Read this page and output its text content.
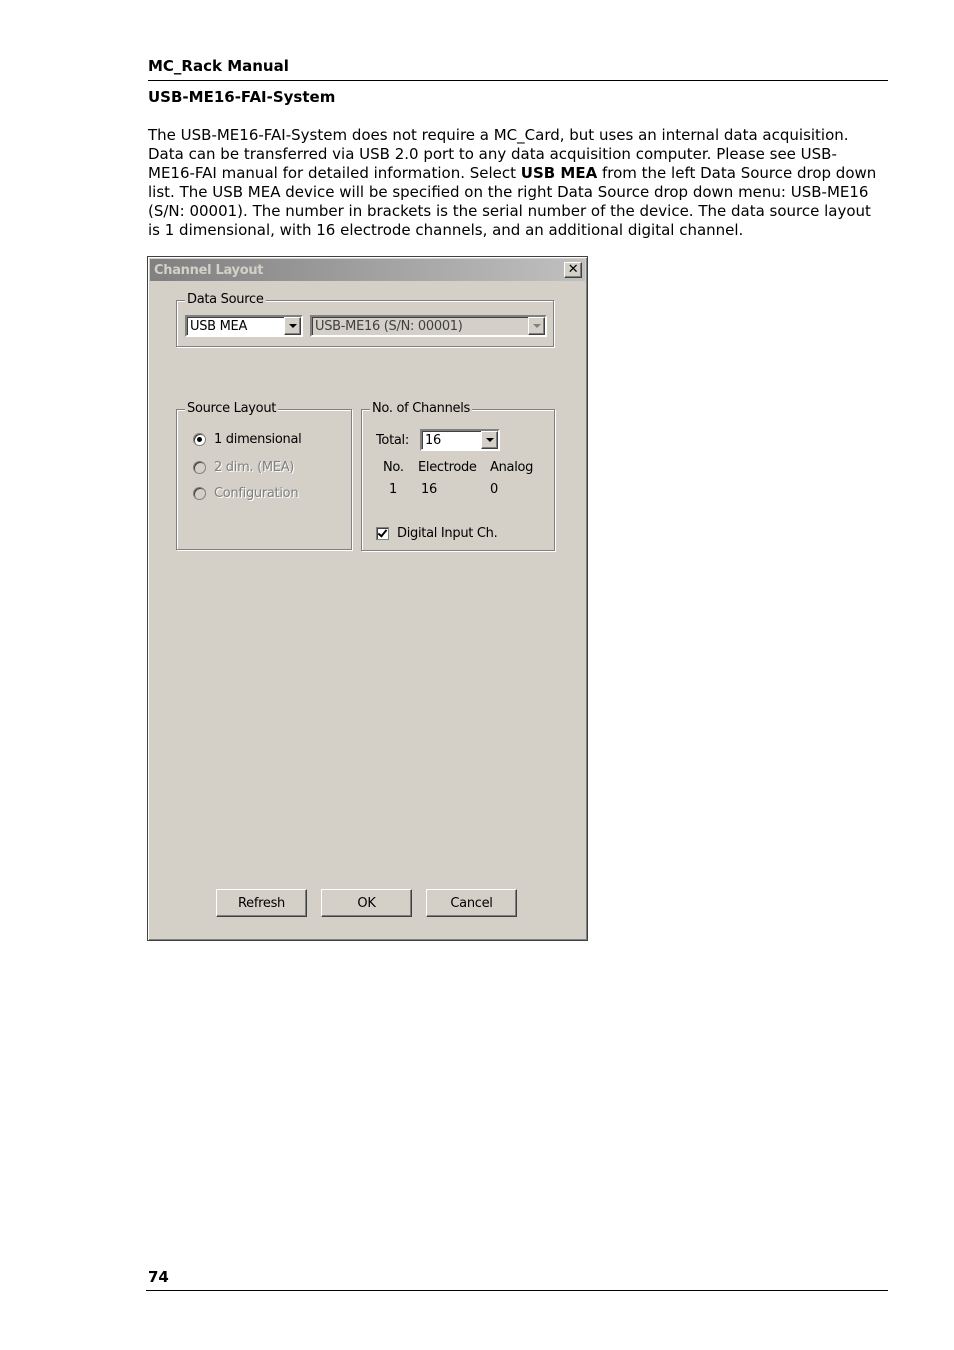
MC_Rack Manual
USB-ME16-FAI-System

The USB-ME16-FAI-System does not require a MC_Card, but uses an internal data acquisition. Data can be transferred via USB 2.0 port to any data acquisition computer. Please see USB-ME16-FAI manual for detailed information. Select USB MEA from the left Data Source drop down list. The USB MEA device will be specified on the right Data Source drop down menu: USB-ME16 (S/N: 00001). The number in brackets is the serial number of the device. The data source layout is 1 dimensional, with 16 electrode channels, and an additional digital channel.

Channel Layout	✕
Data Source
USB MEA	USB-ME16 (S/N: 00001)
Source Layout
1 dimensional
2 dim. (MEA)
Configuration
No. of Channels
Total: 16
No. Electrode Analog
1 16	0
Digital Input Ch.
Refresh	OK	Cancel
74
